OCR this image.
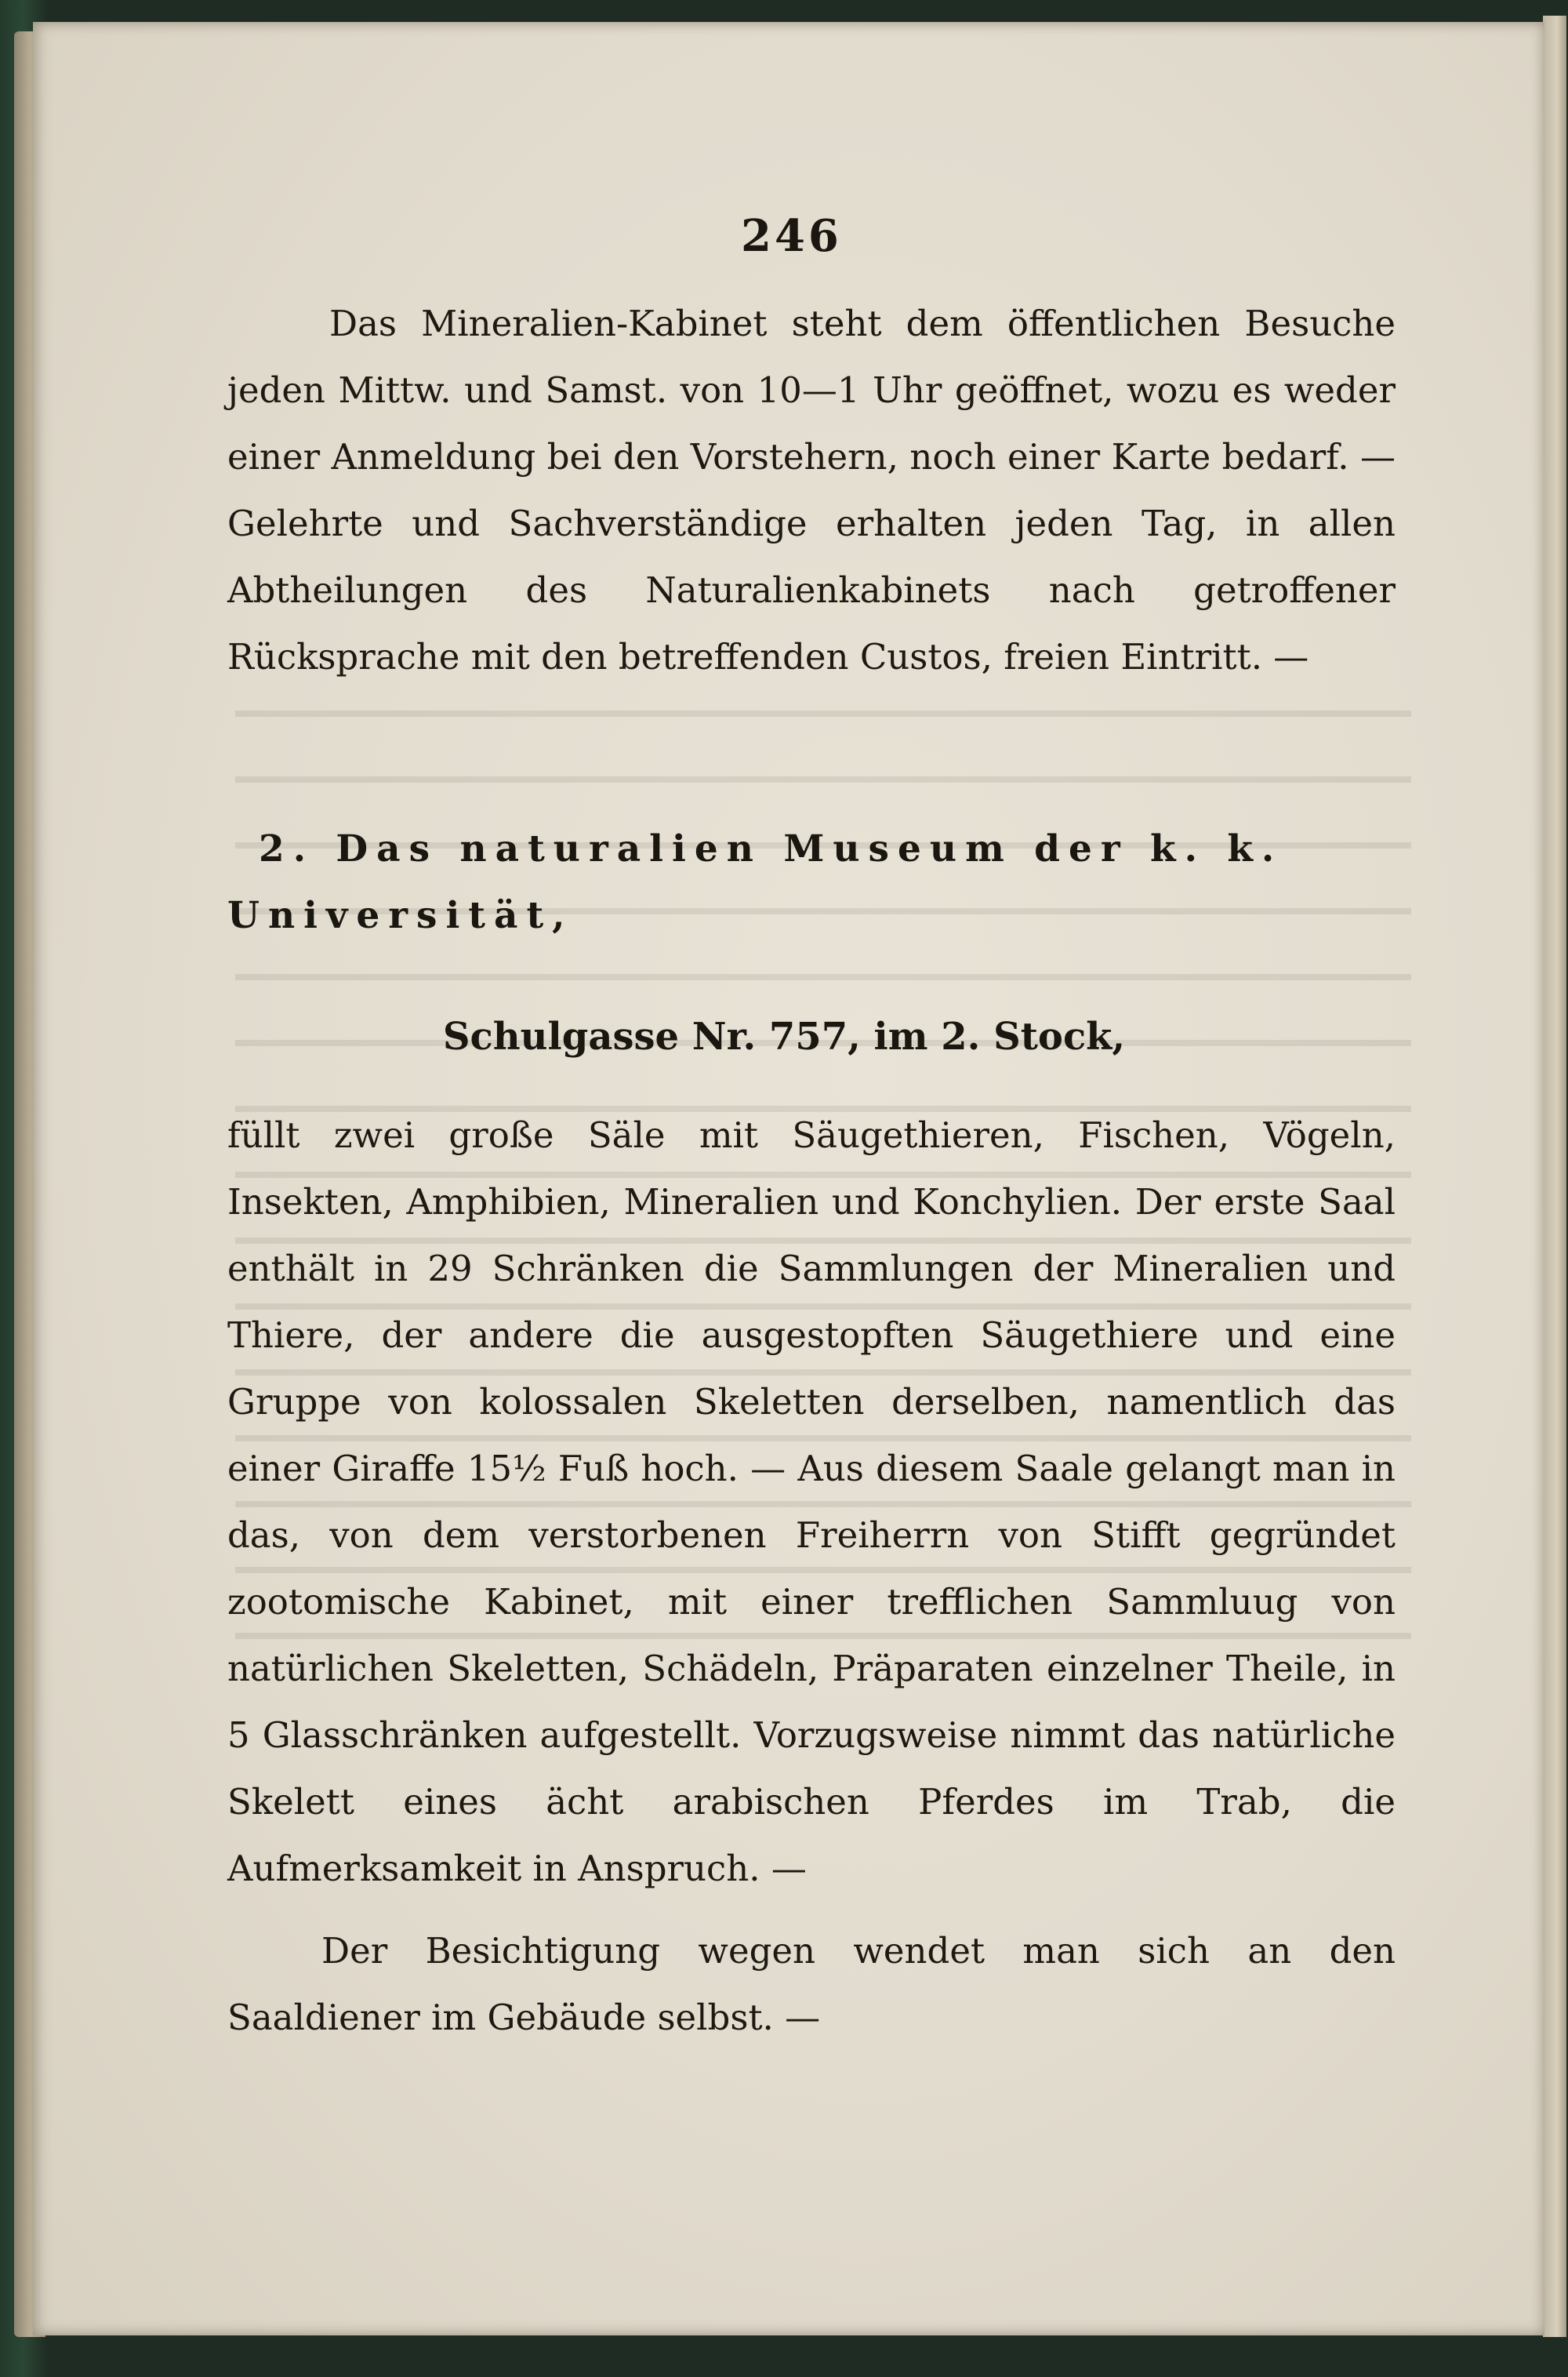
246
Das Mineralien-Kabinet steht dem öffentlichen Besuche jeden Mittw. und Samst. von 10—1 Uhr geöffnet, wozu es weder einer Anmeldung bei den Vorstehern, noch einer Karte bedarf. — Gelehrte und Sachverständige erhalten jeden Tag, in allen Abtheilungen des Naturalienkabinets nach getroffener Rücksprache mit den betreffenden Custos, freien Eintritt. —
2. Das naturalien Museum der k. k. Universität,
Schulgasse Nr. 757, im 2. Stock,
füllt zwei große Säle mit Säugethieren, Fischen, Vögeln, Insekten, Amphibien, Mineralien und Konchylien. Der erste Saal enthält in 29 Schränken die Sammlungen der Mineralien und Thiere, der andere die ausgestopften Säugethiere und eine Gruppe von kolossalen Skeletten derselben, namentlich das einer Giraffe 15½ Fuß hoch. — Aus diesem Saale gelangt man in das, von dem verstorbenen Freiherrn von Stifft gegründet zootomische Kabinet, mit einer trefflichen Sammluug von natürlichen Skeletten, Schädeln, Präparaten einzelner Theile, in 5 Glasschränken aufgestellt. Vorzugsweise nimmt das natürliche Skelett eines ächt arabischen Pferdes im Trab, die Aufmerksamkeit in Anspruch. —
Der Besichtigung wegen wendet man sich an den Saaldiener im Gebäude selbst. —
